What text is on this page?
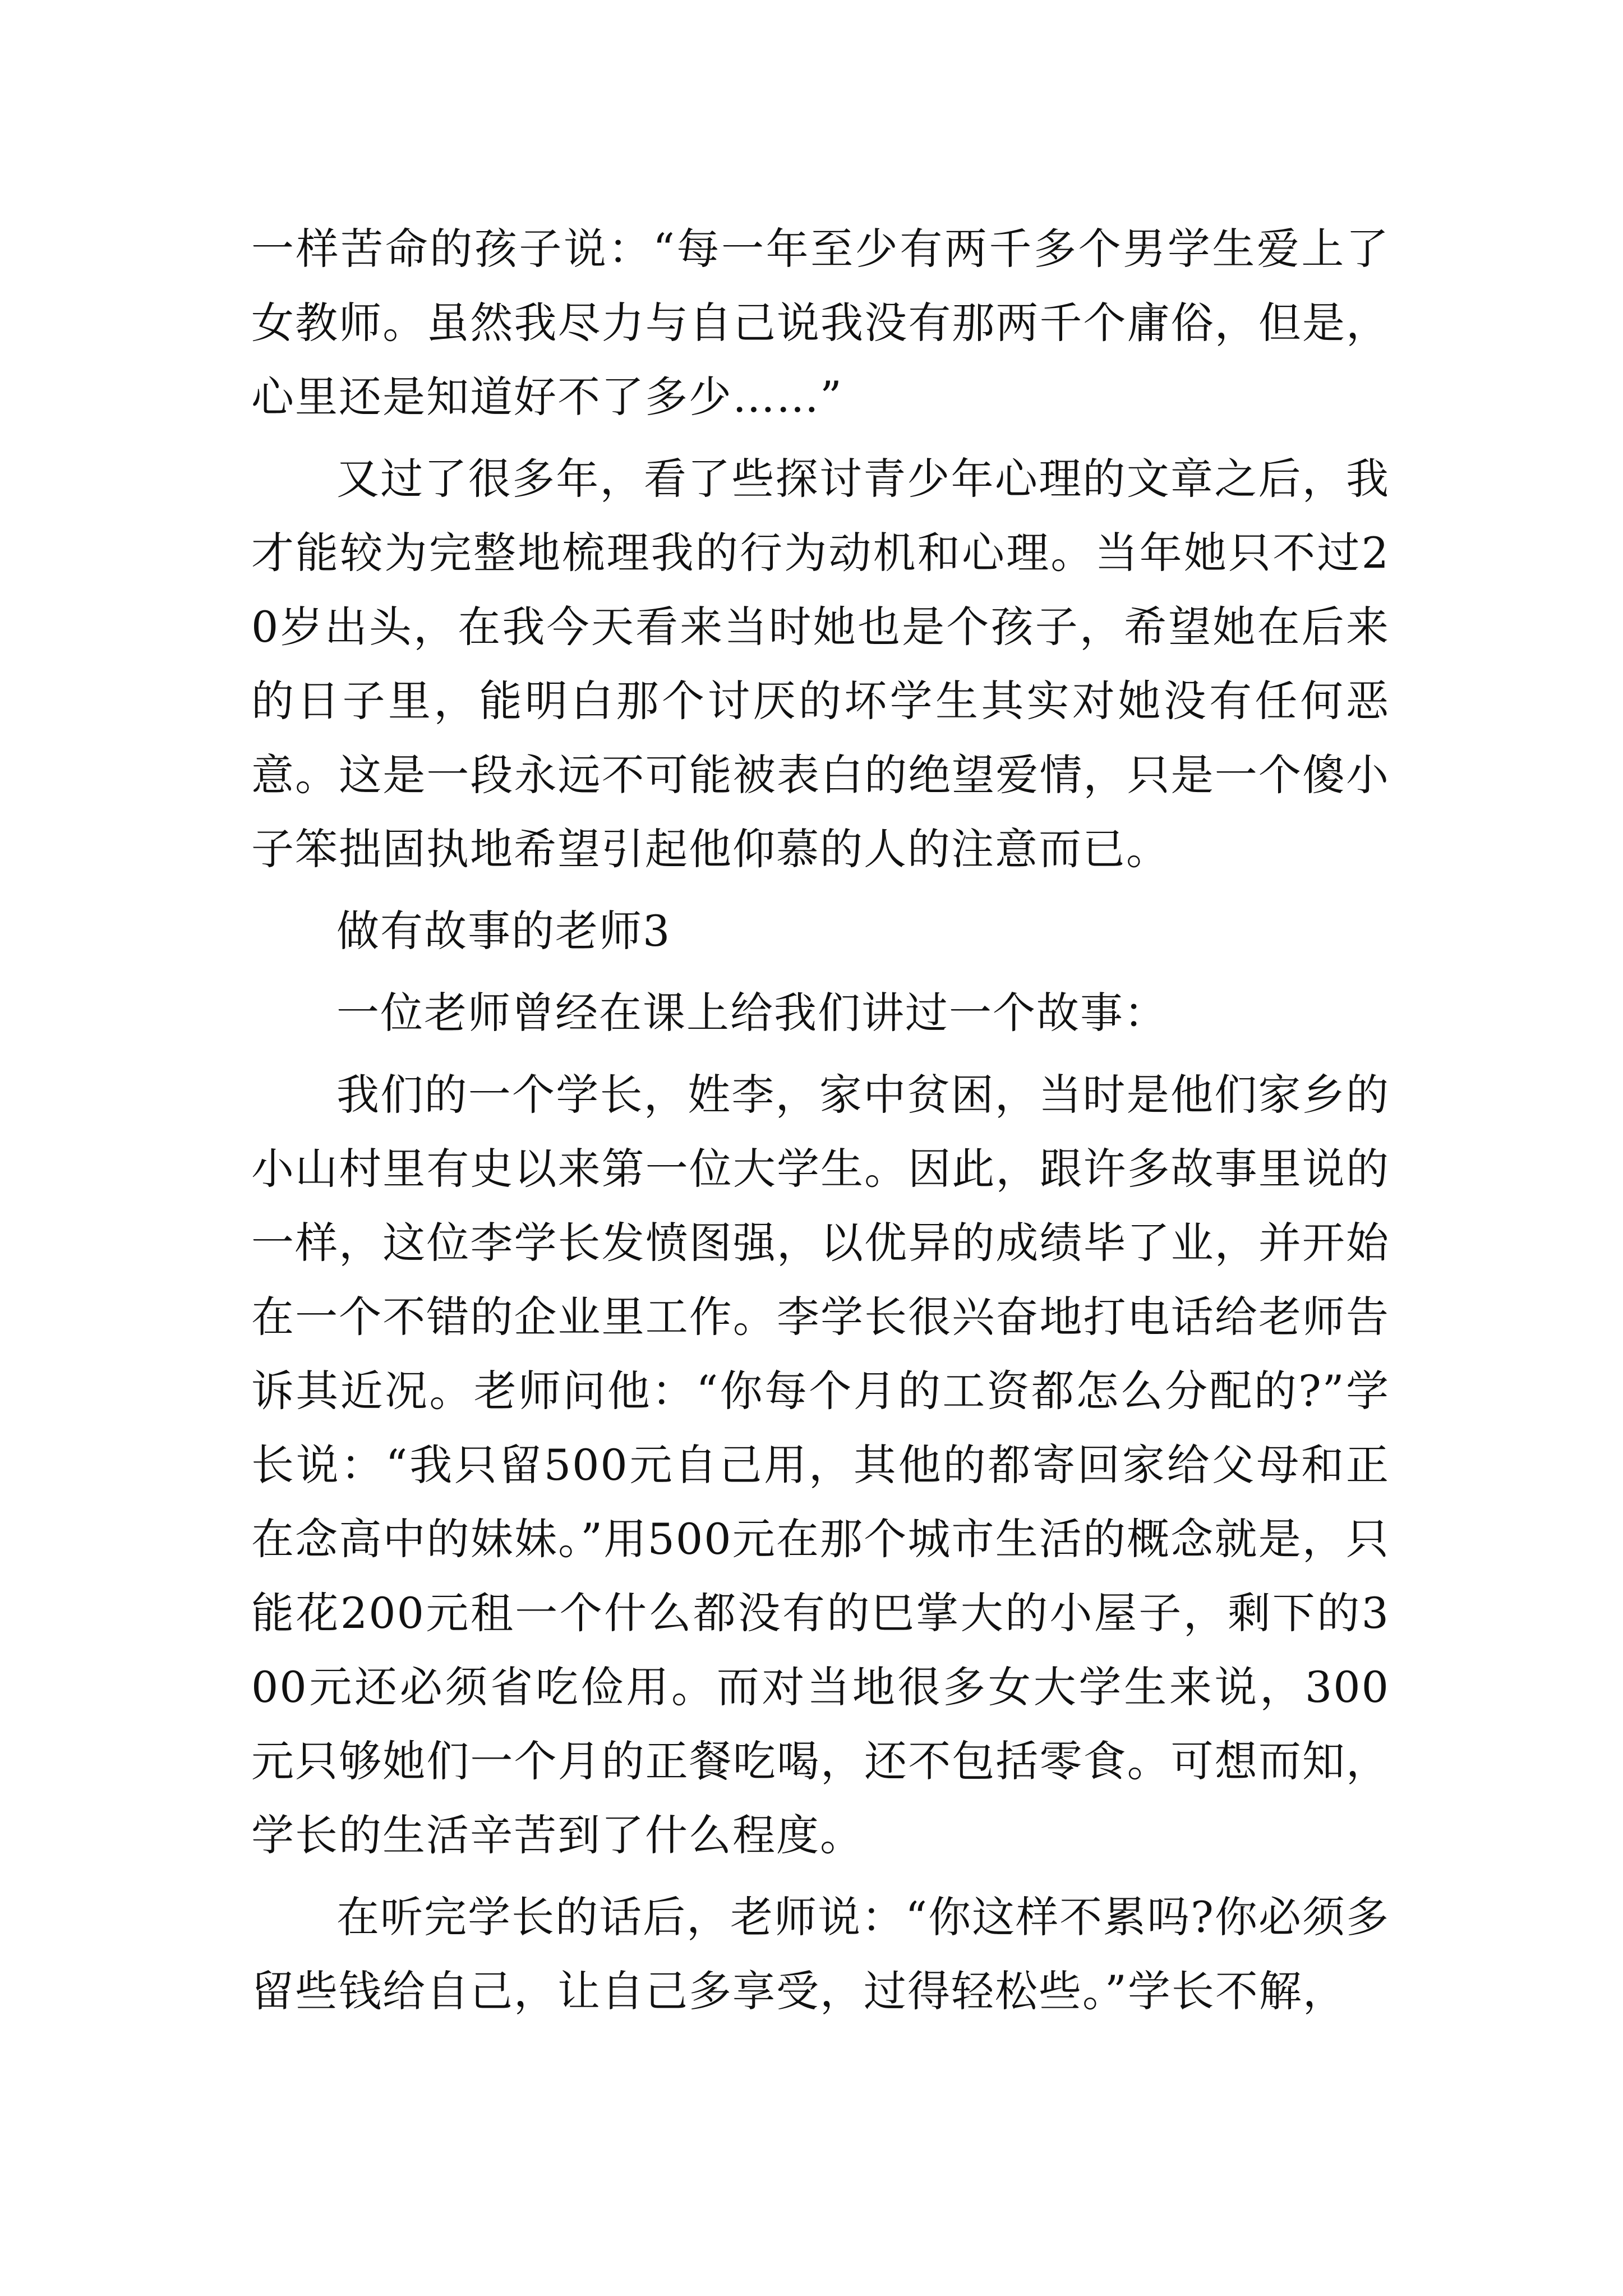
一样苦命的孩子说：“每一年至少有两千多个男学生爱上了女教师。虽然我尽力与自己说我没有那两千个庸俗，但是，心里还是知道好不了多少……”

又过了很多年，看了些探讨青少年心理的文章之后，我才能较为完整地梳理我的行为动机和心理。当年她只不过20岁出头，在我今天看来当时她也是个孩子，希望她在后来的日子里，能明白那个讨厌的坏学生其实对她没有任何恶意。这是一段永远不可能被表白的绝望爱情，只是一个傻小子笨拙固执地希望引起他仰慕的人的注意而已。

做有故事的老师3

一位老师曾经在课上给我们讲过一个故事：

我们的一个学长，姓李，家中贫困，当时是他们家乡的小山村里有史以来第一位大学生。因此，跟许多故事里说的一样，这位李学长发愤图强，以优异的成绩毕了业，并开始在一个不错的企业里工作。李学长很兴奋地打电话给老师告诉其近况。老师问他：“你每个月的工资都怎么分配的?”学长说：“我只留500元自己用，其他的都寄回家给父母和正在念高中的妹妹。”用500元在那个城市生活的概念就是，只能花200元租一个什么都没有的巴掌大的小屋子，剩下的300元还必须省吃俭用。而对当地很多女大学生来说，300元只够她们一个月的正餐吃喝，还不包括零食。可想而知，学长的生活辛苦到了什么程度。

在听完学长的话后，老师说：“你这样不累吗?你必须多留些钱给自己，让自己多享受，过得轻松些。”学长不解，
